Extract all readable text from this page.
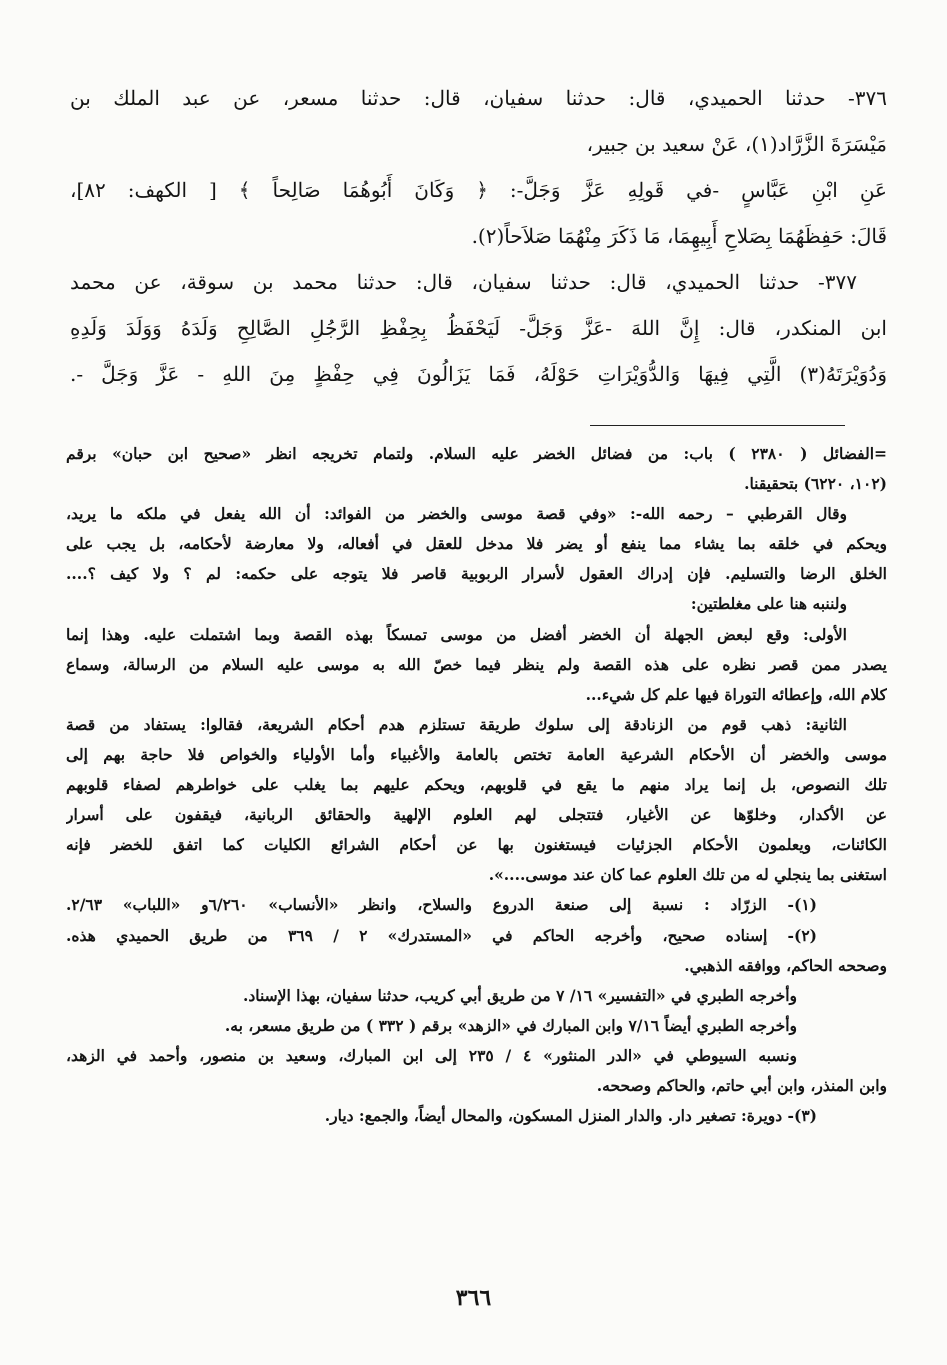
٣٧٦- حدثنا الحميدي، قال: حدثنا سفيان، قال: حدثنا مسعر، عن عبد الملك بن
مَيْسَرَةَ الزَّرَّاد(١)، عَنْ سعيد بن جبير،
عَنِ ابْنِ عَبَّاسٍ -في قَولِهِ عَزَّ وَجَلَّ-: ﴿ وَكَانَ أَبُوهُمَا صَالِحاً ﴾ [ الكهف: ٨٢]،
قَالَ: حَفِظَهُمَا بِصَلاحِ أَبِيهِمَا، مَا ذَكَرَ مِنْهُمَا صَلاَحاً(٢).
٣٧٧- حدثنا الحميدي، قال: حدثنا سفيان، قال: حدثنا محمد بن سوقة، عن محمد
ابن المنكدر، قال: إِنَّ اللهَ -عَزَّ وَجَلَّ- لَيَحْفَظُ بِحِفْظِ الرَّجُلِ الصَّالِحِ وَلَدَهُ وَوَلَدَ وَلَدِهِ
وَدُوَيْرَتَهُ(٣) الَّتِي فِيهَا وَالدُّوَيْرَاتِ حَوْلَهُ، فَمَا يَزَالُونَ فِي حِفْظٍ مِنَ اللهِ - عَزَّ وَجَلَّ -.
=الفضائل ( ٢٣٨٠ ) باب: من فضائل الخضر عليه السلام. ولتمام تخريجه انظر «صحيح ابن حبان» برقم
(١٠٢، ٦٢٢٠) بتحقيقنا.
وقال القرطبي – رحمه الله-: «وفي قصة موسى والخضر من الفوائد: أن الله يفعل في ملكه ما يريد،
ويحكم في خلقه بما يشاء مما ينفع أو يضر فلا مدخل للعقل في أفعاله، ولا معارضة لأحكامه، بل يجب على
الخلق الرضا والتسليم. فإن إدراك العقول لأسرار الربوبية قاصر فلا يتوجه على حكمه: لم ؟ ولا كيف ؟....
ولننبه هنا على مغلطتين:
الأولى: وقع لبعض الجهلة أن الخضر أفضل من موسى تمسكاً بهذه القصة وبما اشتملت عليه. وهذا إنما
يصدر ممن قصر نظره على هذه القصة ولم ينظر فيما خصّ الله به موسى عليه السلام من الرسالة، وسماع
كلام الله، وإعطائه التوراة فيها علم كل شيء...
الثانية: ذهب قوم من الزنادقة إلى سلوك طريقة تستلزم هدم أحكام الشريعة، فقالوا: يستفاد من قصة
موسى والخضر أن الأحكام الشرعية العامة تختص بالعامة والأغبياء وأما الأولياء والخواص فلا حاجة بهم إلى
تلك النصوص، بل إنما يراد منهم ما يقع في قلوبهم، ويحكم عليهم بما يغلب على خواطرهم لصفاء قلوبهم
عن الأكدار، وخلوّها عن الأغيار، فتتجلى لهم العلوم الإلهية والحقائق الربانية، فيقفون على أسرار
الكائنات، ويعلمون الأحكام الجزئيات فيستغنون بها عن أحكام الشرائع الكليات كما اتفق للخضر فإنه
استغنى بما ينجلي له من تلك العلوم عما كان عند موسى....».
(١)- الزرّاد : نسبة إلى صنعة الدروع والسلاح، وانظر «الأنساب» ٦/٢٦٠و «اللباب» ٢/٦٣.
(٢)- إسناده صحيح، وأخرجه الحاكم في «المستدرك» ٢ / ٣٦٩ من طريق الحميدي هذه.
وصححه الحاكم، ووافقه الذهبي.
وأخرجه الطبري في «التفسير» ١٦/ ٧ من طريق أبي كريب، حدثنا سفيان، بهذا الإسناد.
وأخرجه الطبري أيضاً ٧/١٦ وابن المبارك في «الزهد» برقم ( ٣٣٢ ) من طريق مسعر، به.
ونسبه السيوطي في «الدر المنثور» ٤ / ٢٣٥ إلى ابن المبارك، وسعيد بن منصور، وأحمد في الزهد،
وابن المنذر، وابن أبي حاتم، والحاكم وصححه.
(٣)- دويرة: تصغير دار. والدار المنزل المسكون، والمحال أيضاً، والجمع: ديار.
٣٦٦
